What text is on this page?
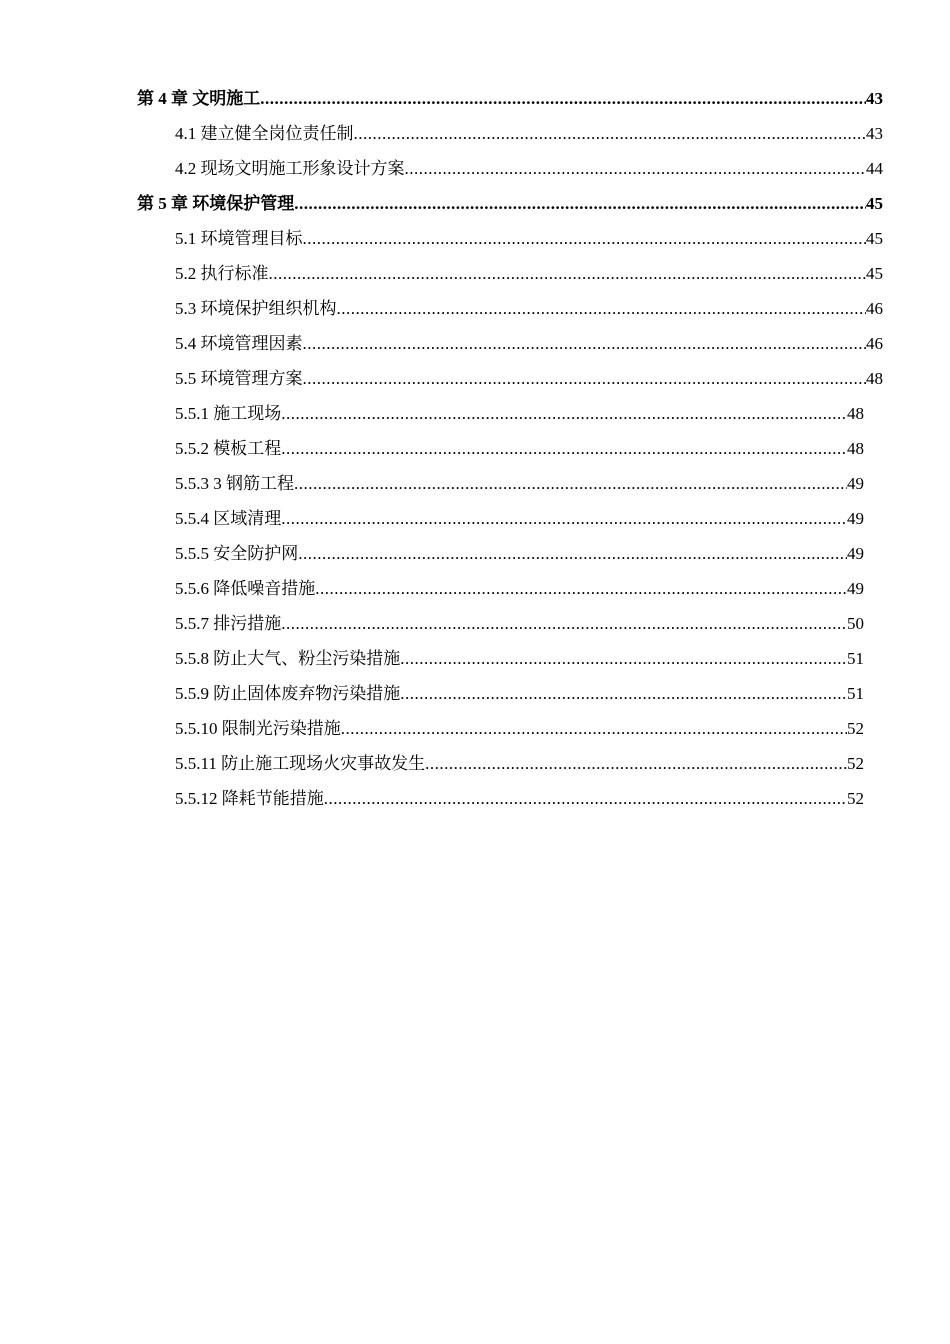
第 4 章 文明施工 .....	43
4.1 建立健全岗位责任制 .....	43
4.2 现场文明施工形象设计方案 .....	44
第 5 章 环境保护管理 .....	45
5.1 环境管理目标 .....	45
5.2 执行标准 .....	45
5.3 环境保护组织机构 .....	46
5.4 环境管理因素 .....	46
5.5 环境管理方案 .....	48
5.5.1 施工现场 .....	48
5.5.2 模板工程 .....	48
5.5.3 3 钢筋工程 .....	49
5.5.4 区域清理 .....	49
5.5.5 安全防护网 .....	49
5.5.6 降低噪音措施 .....	49
5.5.7 排污措施 .....	50
5.5.8 防止大气、粉尘污染措施 .....	51
5.5.9 防止固体废弃物污染措施 .....	51
5.5.10 限制光污染措施 .....	52
5.5.11 防止施工现场火灾事故发生 .....	52
5.5.12 降耗节能措施 .....	52
